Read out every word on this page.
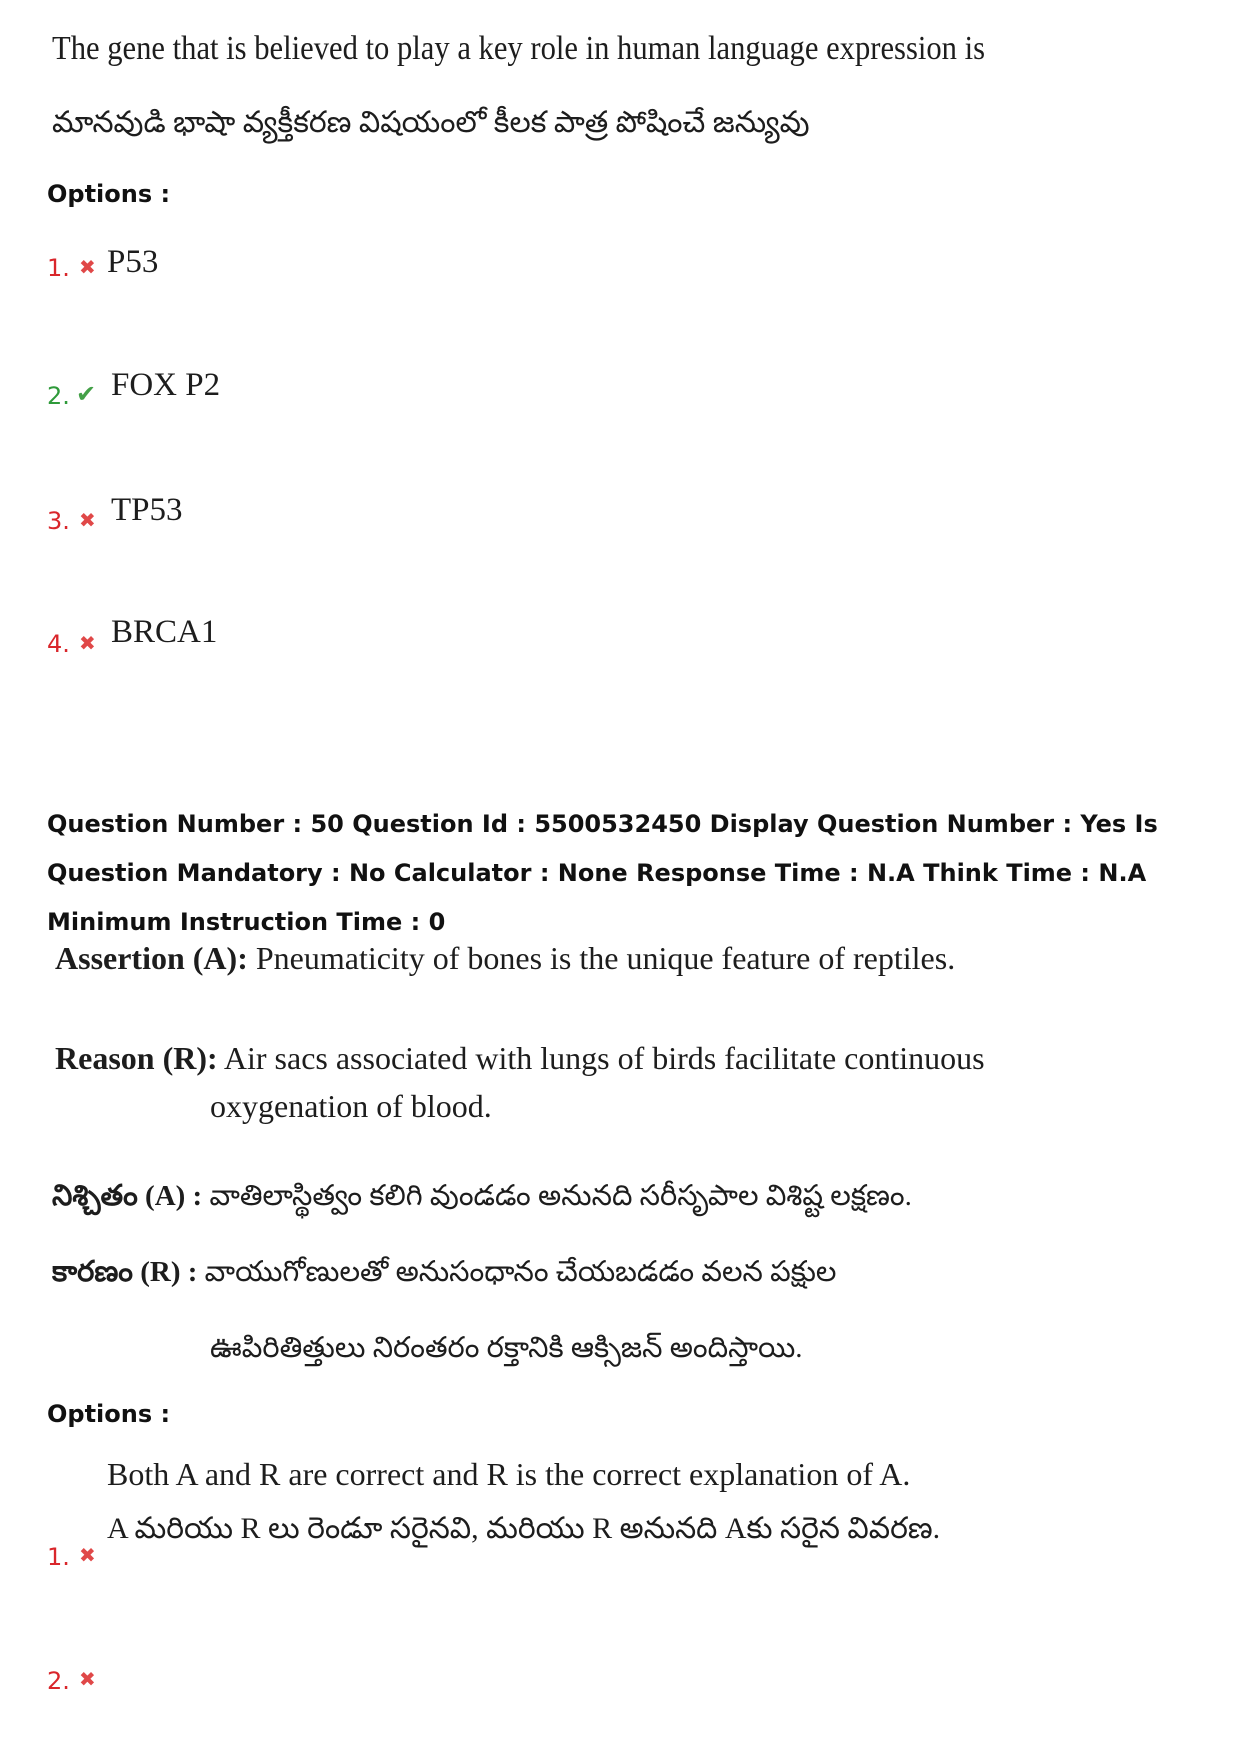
The gene that is believed to play a key role in human language expression is
మానవుడి భాషా వ్యక్తీకరణ విషయంలో కీలక పాత్ర పోషించే జన్యువు
Options :
1. ✖ P53
2. ✔ FOX P2
3. ✖ TP53
4. ✖ BRCA1
Question Number : 50 Question Id : 5500532450 Display Question Number : Yes Is Question Mandatory : No Calculator : None Response Time : N.A Think Time : N.A Minimum Instruction Time : 0
Assertion (A): Pneumaticity of bones is the unique feature of reptiles.
Reason (R): Air sacs associated with lungs of birds facilitate continuous
oxygenation of blood.
నిశ్చితం (A) : వాతిలాస్థిత్వం కలిగి వుండడం అనునది సరీసృపాల విశిష్ట లక్షణం.
కారణం (R) : వాయుగోణులతో అనుసంధానం చేయబడడం వలన పక్షుల
ఊపిరితిత్తులు నిరంతరం రక్తానికి ఆక్సిజన్ అందిస్తాయి.
Options :
Both A and R are correct and R is the correct explanation of A.
A మరియు R లు రెండూ సరైనవి, మరియు R అనునది Aకు సరైన వివరణ.
1. ✖
2. ✖
